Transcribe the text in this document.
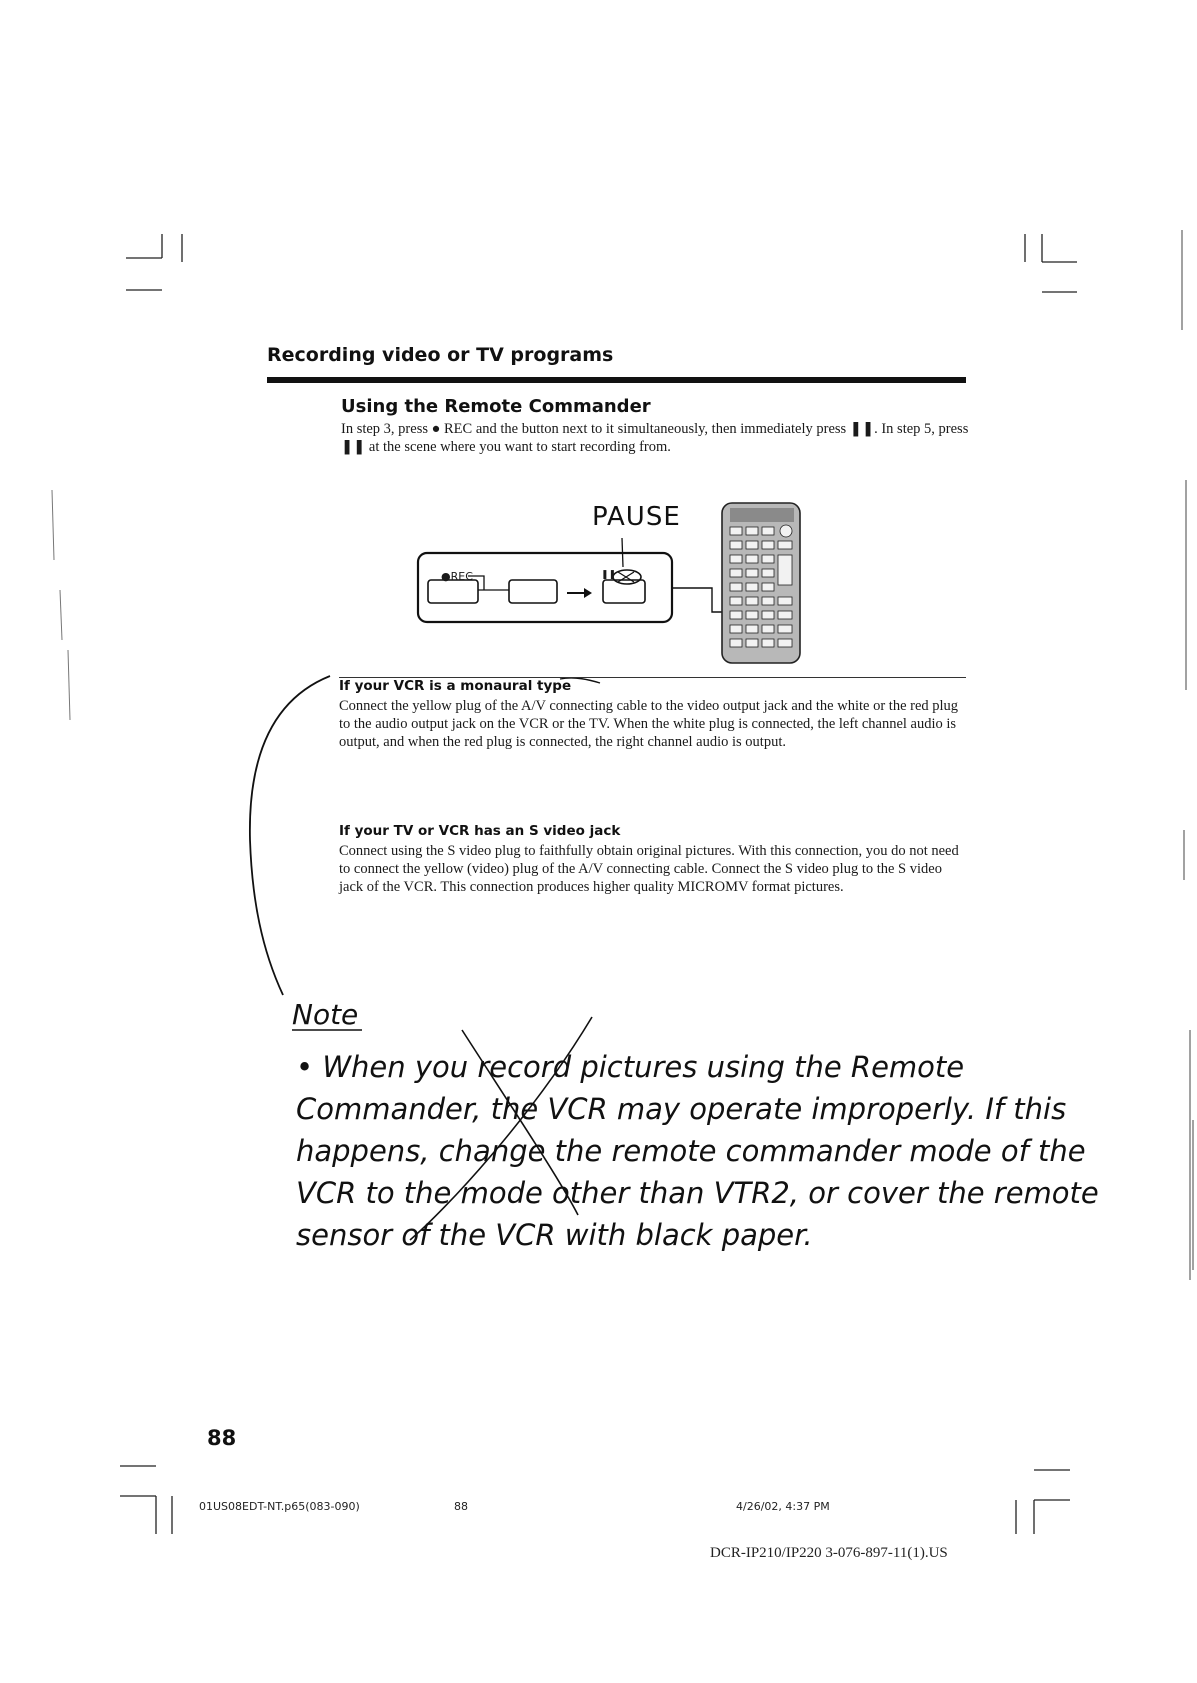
Recording video or TV programs
Using the Remote Commander
In step 3, press ● REC and the button next to it simultaneously, then immediately press ❚❚. In step 5, press ❚❚ at the scene where you want to start recording from.
PAUSE
●REC	❚❚
If your VCR is a monaural type
Connect the yellow plug of the A/V connecting cable to the video output jack and the white or the red plug to the audio output jack on the VCR or the TV. When the white plug is connected, the left channel audio is output, and when the red plug is connected, the right channel audio is output.
If your TV or VCR has an S video jack
Connect using the S video plug to faithfully obtain original pictures. With this connection, you do not need to connect the yellow (video) plug of the A/V connecting cable. Connect the S video plug to the S video jack of the VCR. This connection produces higher quality MICROMV format pictures.
Note
• When you record pictures using the Remote Commander, the VCR may operate improperly. If this happens, change the remote commander mode of the VCR to the mode other than VTR2, or cover the remote sensor of the VCR with black paper.
88
01US08EDT-NT.p65(083-090)	88	4/26/02, 4:37 PM
DCR-IP210/IP220 3-076-897-11(1).US
